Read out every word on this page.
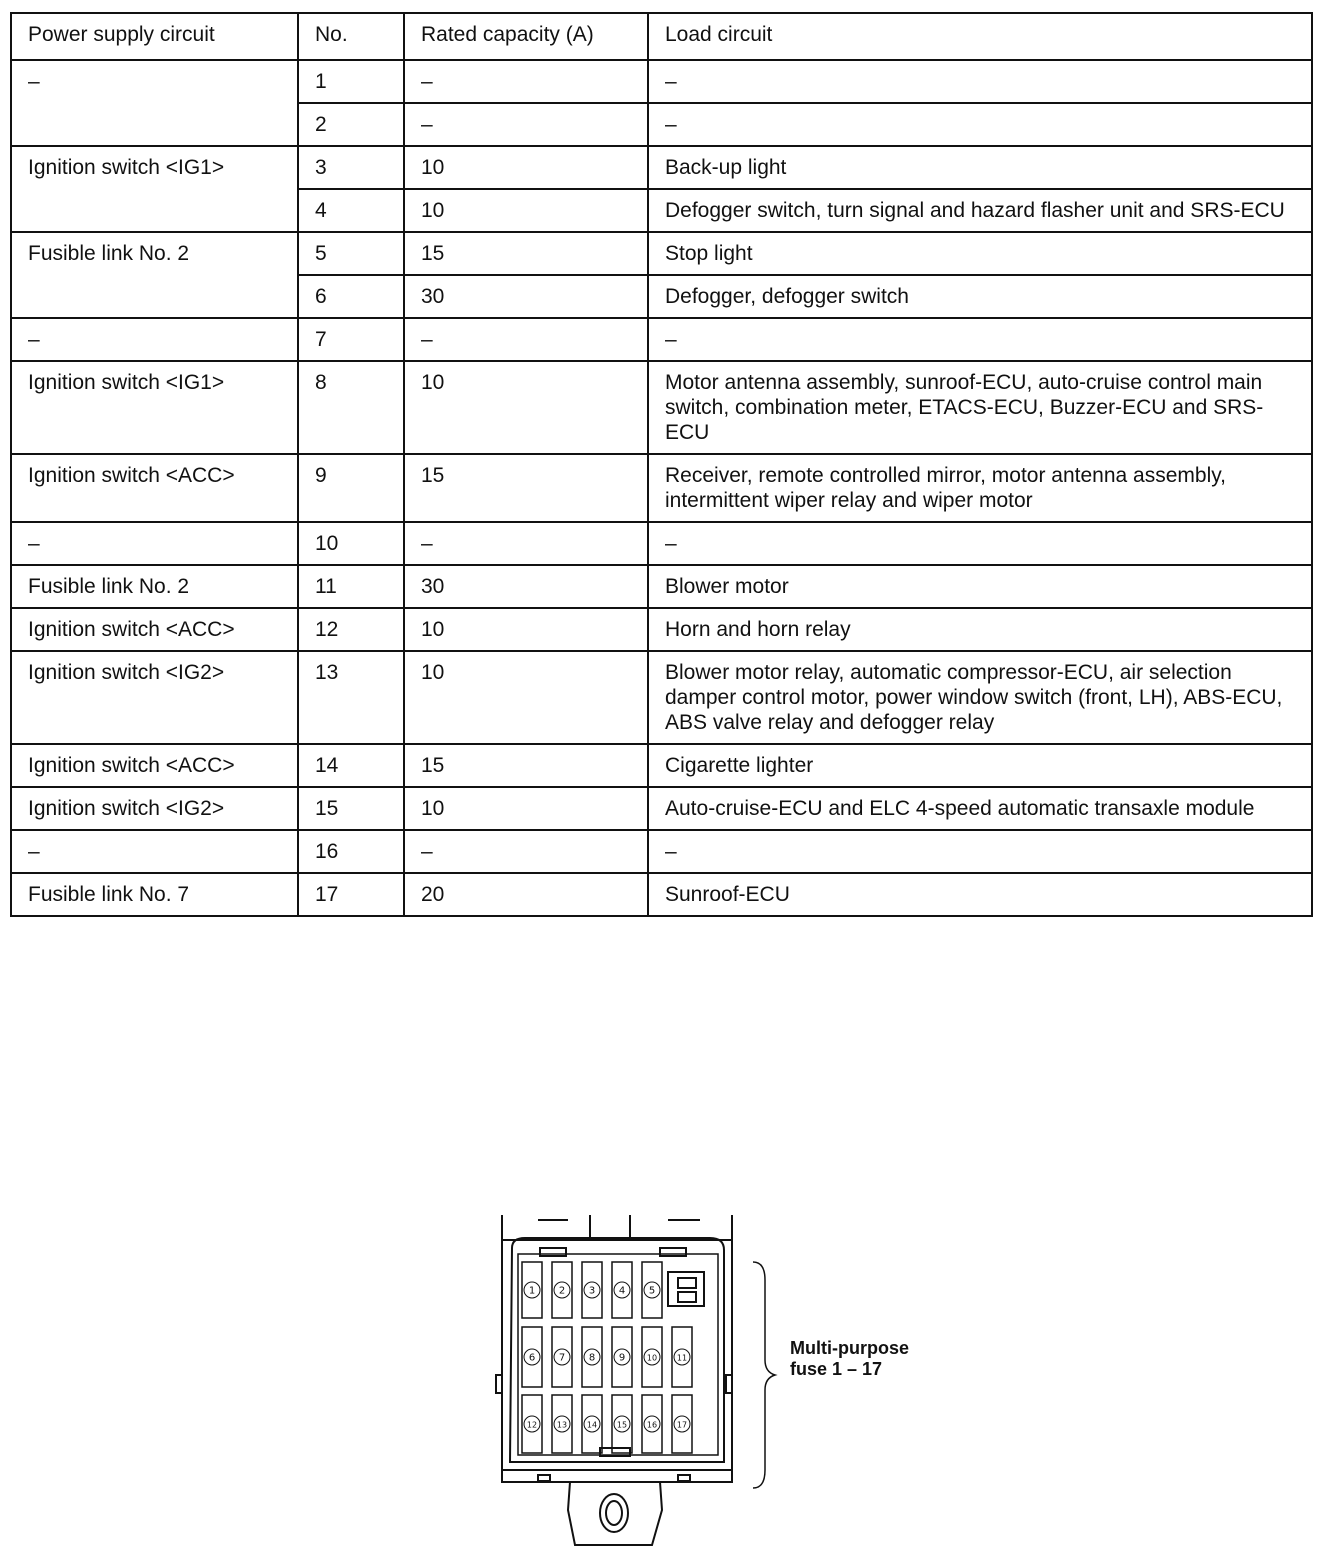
Power supply circuit	No.	Rated capacity (A)	Load circuit
–	1	–	–
	2	–	–
Ignition switch <IG1>	3	10	Back-up light
	4	10	Defogger switch, turn signal and hazard flasher unit and SRS-ECU
Fusible link No. 2	5	15	Stop light
	6	30	Defogger, defogger switch
–	7	–	–
Ignition switch <IG1>	8	10	Motor antenna assembly, sunroof-ECU, auto-cruise control main switch, combination meter, ETACS-ECU, Buzzer-ECU and SRS-ECU
Ignition switch <ACC>	9	15	Receiver, remote controlled mirror, motor antenna assembly, intermittent wiper relay and wiper motor
–	10	–	–
Fusible link No. 2	11	30	Blower motor
Ignition switch <ACC>	12	10	Horn and horn relay
Ignition switch <IG2>	13	10	Blower motor relay, automatic compressor-ECU, air selection damper control motor, power window switch (front, LH), ABS-ECU, ABS valve relay and defogger relay
Ignition switch <ACC>	14	15	Cigarette lighter
Ignition switch <IG2>	15	10	Auto-cruise-ECU and ELC 4-speed automatic transaxle module
–	16	–	–
Fusible link No. 7	17	20	Sunroof-ECU
1 2 3 4 5
6 7 8 9	10 11
12 13 14 15 16 17
Multi-purpose fuse 1 – 17
